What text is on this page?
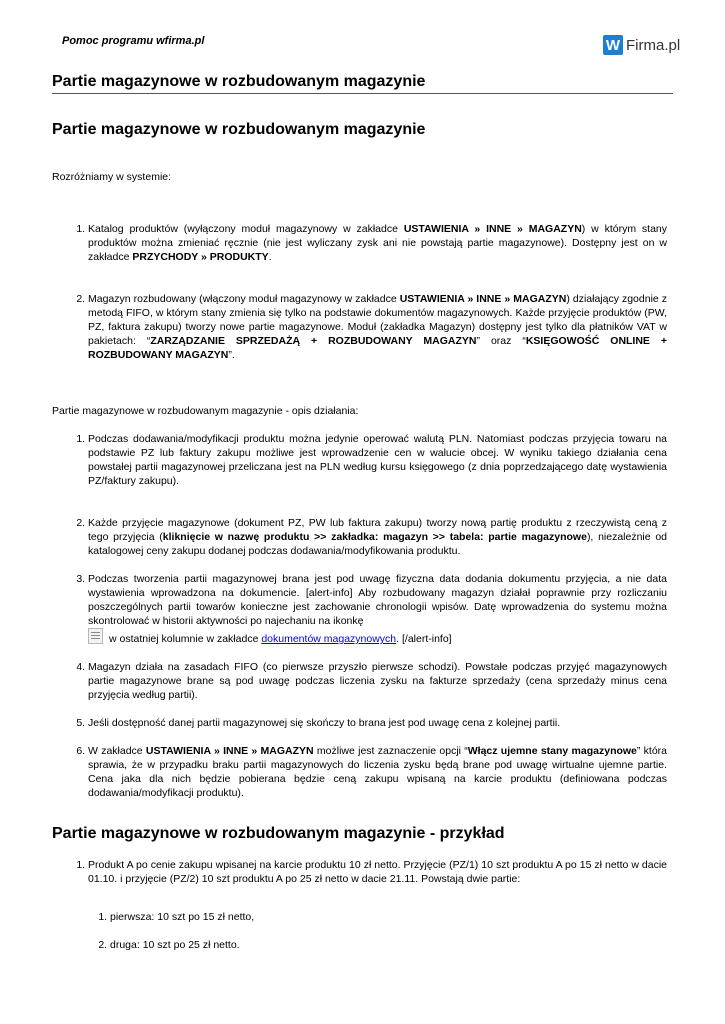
Pomoc programu wfirma.pl	W Firma.pl
Partie magazynowe w rozbudowanym magazynie
Partie magazynowe w rozbudowanym magazynie

Rozróżniamy w systemie:

1. Katalog produktów (wyłączony moduł magazynowy w zakładce USTAWIENIA » INNE » MAGAZYN) w którym stany produktów można zmieniać ręcznie (nie jest wyliczany zysk ani nie powstają partie magazynowe). Dostępny jest on w zakładce PRZYCHODY » PRODUKTY.
2. Magazyn rozbudowany (włączony moduł magazynowy w zakładce USTAWIENIA » INNE » MAGAZYN) działający zgodnie z metodą FIFO, w którym stany zmienia się tylko na podstawie dokumentów magazynowych. Każde przyjęcie produktów (PW, PZ, faktura zakupu) tworzy nowe partie magazynowe. Moduł (zakładka Magazyn) dostępny jest tylko dla płatników VAT w pakietach: “ZARZĄDZANIE SPRZEDAŻĄ + ROZBUDOWANY MAGAZYN” oraz “KSIĘGOWOŚĆ ONLINE + ROZBUDOWANY MAGAZYN”.

Partie magazynowe w rozbudowanym magazynie - opis działania:

1. Podczas dodawania/modyfikacji produktu można jedynie operować walutą PLN. Natomiast podczas przyjęcia towaru na podstawie PZ lub faktury zakupu możliwe jest wprowadzenie cen w walucie obcej. W wyniku takiego działania cena powstałej partii magazynowej przeliczana jest na PLN według kursu księgowego (z dnia poprzedzającego datę wystawienia PZ/faktury zakupu).
2. Każde przyjęcie magazynowe (dokument PZ, PW lub faktura zakupu) tworzy nową partię produktu z rzeczywistą ceną z tego przyjęcia (kliknięcie w nazwę produktu >> zakładka: magazyn >> tabela: partie magazynowe), niezależnie od katalogowej ceny zakupu dodanej podczas dodawania/modyfikowania produktu.
3. Podczas tworzenia partii magazynowej brana jest pod uwagę fizyczna data dodania dokumentu przyjęcia, a nie data wystawienia wprowadzona na dokumencie. [alert-info] Aby rozbudowany magazyn działał poprawnie przy rozliczaniu poszczególnych partii towarów konieczne jest zachowanie chronologii wpisów. Datę wprowadzenia do systemu można skontrolować w historii aktywności po najechaniu na ikonkę
w ostatniej kolumnie w zakładce dokumentów magazynowych. [/alert-info]
4. Magazyn działa na zasadach FIFO (co pierwsze przyszło pierwsze schodzi). Powstałe podczas przyjęć magazynowych partie magazynowe brane są pod uwagę podczas liczenia zysku na fakturze sprzedaży (cena sprzedaży minus cena przyjęcia według partii).
5. Jeśli dostępność danej partii magazynowej się skończy to brana jest pod uwagę cena z kolejnej partii.
6. W zakładce USTAWIENIA » INNE » MAGAZYN możliwe jest zaznaczenie opcji “Włącz ujemne stany magazynowe” która sprawia, że w przypadku braku partii magazynowych do liczenia zysku będą brane pod uwagę wirtualne ujemne partie. Cena jaka dla nich będzie pobierana będzie ceną zakupu wpisaną na karcie produktu (definiowana podczas dodawania/modyfikacji produktu).
Partie magazynowe w rozbudowanym magazynie - przykład
1. Produkt A po cenie zakupu wpisanej na karcie produktu 10 zł netto. Przyjęcie (PZ/1) 10 szt produktu A po 15 zł netto w dacie 01.10. i przyjęcie (PZ/2) 10 szt produktu A po 25 zł netto w dacie 21.11. Powstają dwie partie:
1. pierwsza: 10 szt po 15 zł netto,
2. druga: 10 szt po 25 zł netto.
